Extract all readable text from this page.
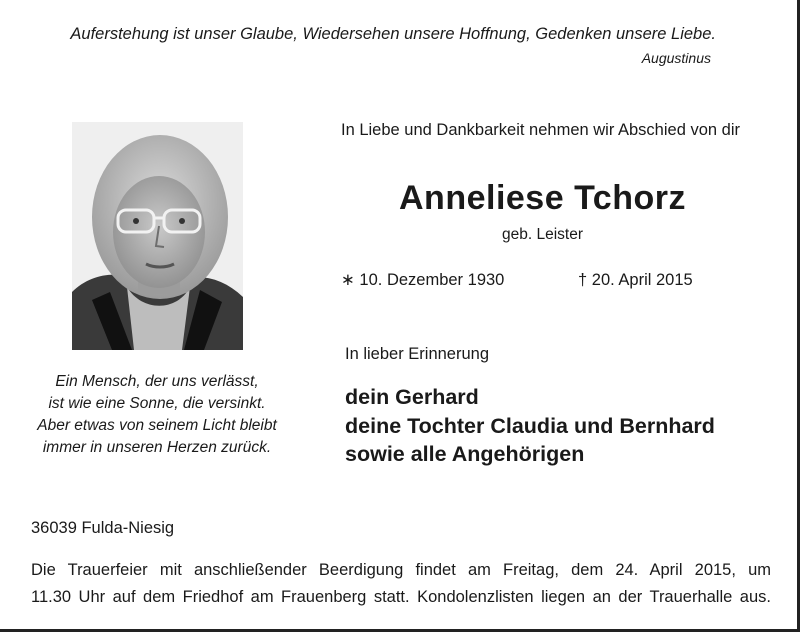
Auferstehung ist unser Glaube, Wiedersehen unsere Hoffnung, Gedenken unsere Liebe.
Augustinus
In Liebe und Dankbarkeit nehmen wir Abschied von dir
Anneliese Tchorz
geb. Leister
∗ 10. Dezember 1930	† 20. April 2015
In lieber Erinnerung
dein Gerhard
deine Tochter Claudia und Bernhard
sowie alle Angehörigen
Ein Mensch, der uns verlässt,
ist wie eine Sonne, die versinkt.
Aber etwas von seinem Licht bleibt
immer in unseren Herzen zurück.
36039 Fulda-Niesig
Die Trauerfeier mit anschließender Beerdigung findet am Freitag, dem 24. April 2015, um
11.30 Uhr auf dem Friedhof am Frauenberg statt. Kondolenzlisten liegen an der Trauerhalle aus.
